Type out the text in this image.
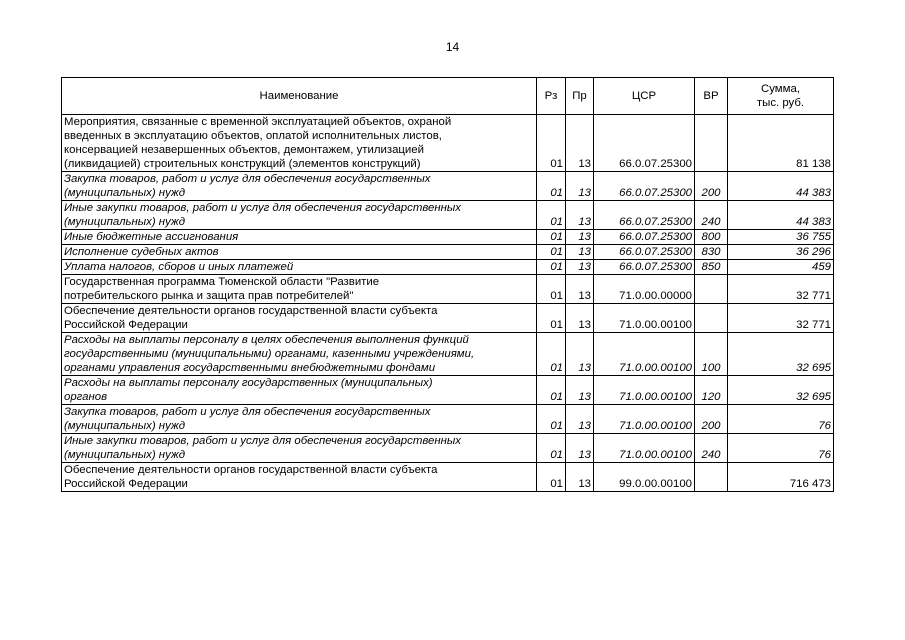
14
Наименование	Рз	Пр	ЦСР	ВР	Сумма,
тыс. руб.

Мероприятия, связанные с временной эксплуатацией объектов, охраной
введенных в эксплуатацию объектов, оплатой исполнительных листов,
консервацией незавершенных объектов, демонтажем, утилизацией
(ликвидацией) строительных конструкций (элементов конструкций)	01	13	66.0.07.25300		81 138

Закупка товаров, работ и услуг для обеспечения государственных
(муниципальных) нужд	01	13	66.0.07.25300	200	44 383

Иные закупки товаров, работ и услуг для обеспечения государственных
(муниципальных) нужд	01	13	66.0.07.25300	240	44 383

Иные бюджетные ассигнования	01	13	66.0.07.25300	800	36 755

Исполнение судебных актов	01	13	66.0.07.25300	830	36 296

Уплата налогов, сборов и иных платежей	01	13	66.0.07.25300	850	459

Государственная программа Тюменской области "Развитие
потребительского рынка и защита прав потребителей"	01	13	71.0.00.00000		32 771

Обеспечение деятельности органов государственной власти субъекта
Российской Федерации	01	13	71.0.00.00100		32 771

Расходы на выплаты персоналу в целях обеспечения выполнения функций
государственными (муниципальными) органами, казенными учреждениями,
органами управления государственными внебюджетными фондами	01	13	71.0.00.00100	100	32 695

Расходы на выплаты персоналу государственных (муниципальных)
органов	01	13	71.0.00.00100	120	32 695

Закупка товаров, работ и услуг для обеспечения государственных
(муниципальных) нужд	01	13	71.0.00.00100	200	76

Иные закупки товаров, работ и услуг для обеспечения государственных
(муниципальных) нужд	01	13	71.0.00.00100	240	76

Обеспечение деятельности органов государственной власти субъекта
Российской Федерации	01	13	99.0.00.00100		716 473
